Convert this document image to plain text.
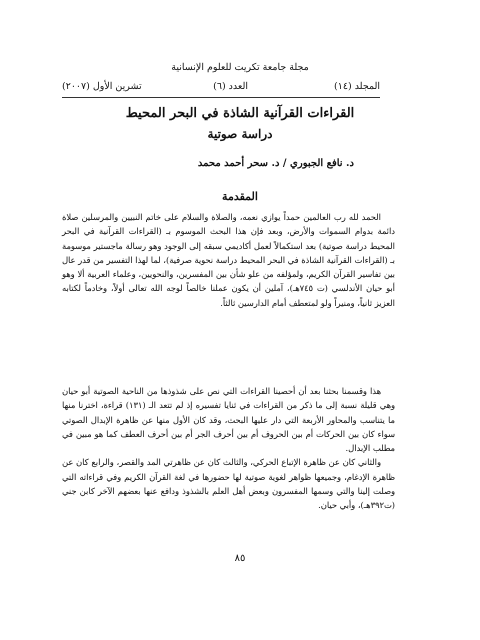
مجلة جامعة تكريت للعلوم الإنسانية
المجلد (١٤)
العدد (٦)
تشرين الأول (٢٠٠٧)
القراءات القرآنية الشاذة في البحر المحيط
دراسة صوتية
د. نافع الجبوري / د. سحر أحمد محمد
المقدمة

الحمد لله رب العالمين حمداً يوازي نعمه، والصلاة والسلام على خاتم النبيين والمرسلين صلاة دائمة بدوام السموات والأرض، وبعد فإن هذا البحث الموسوم بـ (القراءات القرآنية في البحر المحيط دراسة صوتية) بعد استكمالاً لعمل أكاديمي سبقه إلى الوجود وهو رسالة ماجستير موسومة بـ (القراءات القرآنية الشاذة في البحر المحيط دراسة نحوية صرفية)، لما لهذا التفسير من قدر عال بين تفاسير القرآن الكريم، ولمؤلفه من علو شأن بين المفسرين، والنحويين، وعلماء العربية ألا وهو أبو حيان الأندلسي (ت ٧٤٥هـ)، آملين أن يكون عملنا خالصاً لوجه الله تعالى أولاً، وخادماً لكتابه العزيز ثانياً، ومنيراً ولو لمتعطف أمام الدارسين ثالثاً.

هذا وقسمنا بحثنا بعد أن أحصينا القراءات التي نص على شذوذها من الناحية الصوتية أبو حيان وهي قليلة نسبة إلى ما ذكر من القراءات في ثنايا تفسيره إذ لم تتعد الـ (١٣١) قراءة، اخترنا منها ما يتناسب والمحاور الأربعة التي دار عليها البحث، وقد كان الأول منها عن ظاهرة الإبدال الصوتي سواء كان بين الحركات أم بين الحروف أم بين أحرف الجر أم بين أحرف العطف كما هو مبين في مطلب الإبدال.

والثاني كان عن ظاهرة الإتباع الحركي، والثالث كان عن ظاهرتي المد والقصر، والرابع كان عن ظاهرة الإدغام، وجميعها ظواهر لغوية صوتية لها حضورها في لغة القرآن الكريم وفي قراءاته التي وصلت إلينا والتي وسمها المفسرون وبعض أهل العلم بالشذوذ ودافع عنها بعضهم الآخر كابن جني (ت٣٩٢هـ)، وأبي حيان.

٨٥
